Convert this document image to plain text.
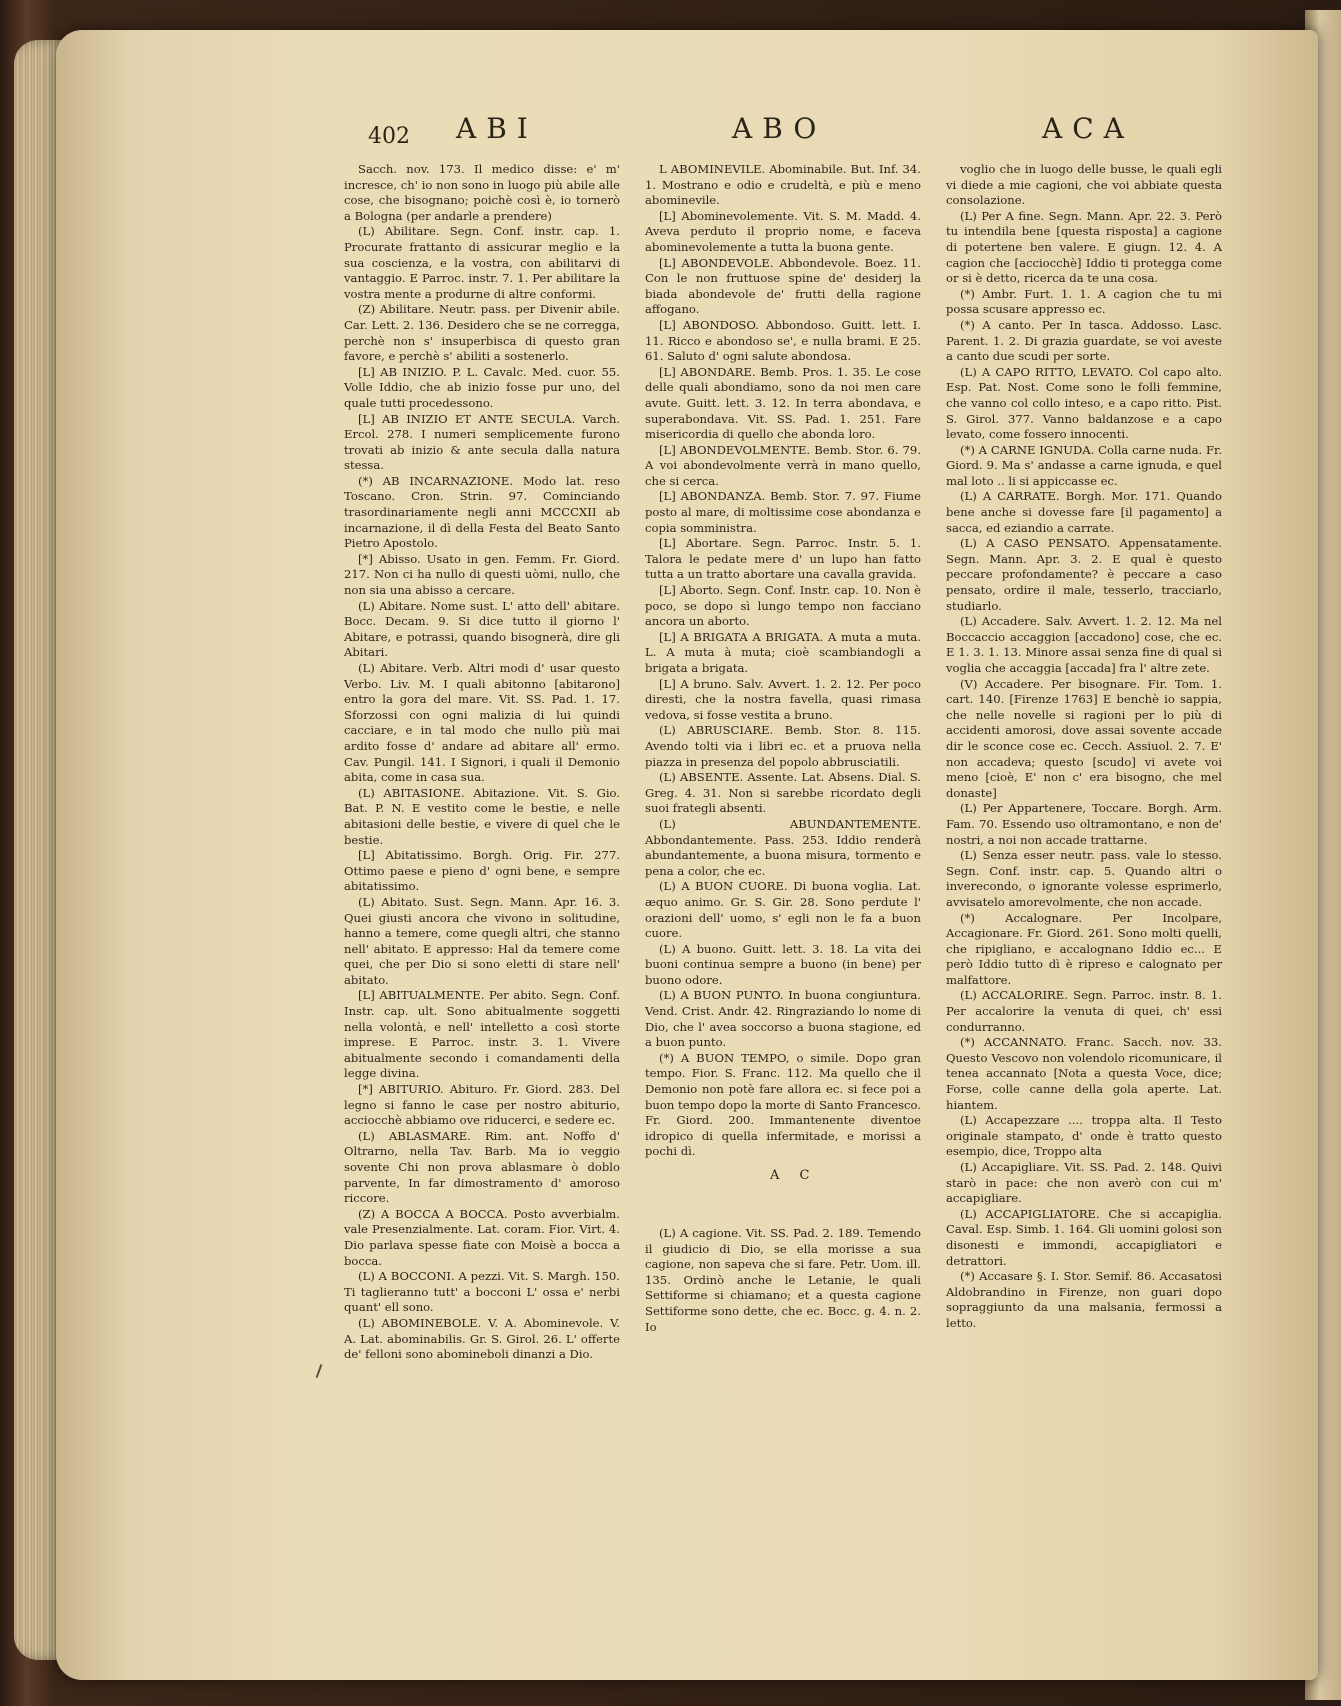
402 ABI	ABO	ACA

Sacch. nov. 173. Il medico disse: e' m' incresce, ch' io non sono in luogo più abile alle cose, che bisognano; poichè così è, io tornerò a Bologna (per andarle a prendere)

(L) Abilitare. Segn. Conf. instr. cap. 1. Procurate frattanto di assicurar meglio e la sua coscienza, e la vostra, con abilitarvi di vantaggio. E Parroc. instr. 7. 1. Per abilitare la vostra mente a produrne di altre conformi.

(Z) Abilitare. Neutr. pass. per Divenir abile. Car. Lett. 2. 136. Desidero che se ne corregga, perchè non s' insuperbisca di questo gran favore, e perchè s' abiliti a sostenerlo.

[L] AB INIZIO. P. L. Cavalc. Med. cuor. 55. Volle Iddio, che ab inizio fosse pur uno, del quale tutti procedessono.

[L] AB INIZIO ET ANTE SECULA. Varch. Ercol. 278. I numeri semplicemente furono trovati ab inizio & ante secula dalla natura stessa.

(*) AB INCARNAZIONE. Modo lat. reso Toscano. Cron. Strin. 97. Cominciando trasordinariamente negli anni MCCCXII ab incarnazione, il dì della Festa del Beato Santo Pietro Apostolo.

[*] Abisso. Usato in gen. Femm. Fr. Giord. 217. Non ci ha nullo di questi uòmi, nullo, che non sia una abisso a cercare.

(L) Abitare. Nome sust. L' atto dell' abitare. Bocc. Decam. 9. Si dice tutto il giorno l' Abitare, e potrassi, quando bisognerà, dire gli Abitari.

(L) Abitare. Verb. Altri modi d' usar questo Verbo. Liv. M. I quali abitonno [abitarono] entro la gora del mare. Vit. SS. Pad. 1. 17. Sforzossi con ogni malizia di lui quindi cacciare, e in tal modo che nullo più mai ardito fosse d' andare ad abitare all' ermo. Cav. Pungil. 141. I Signori, i quali il Demonio abita, come in casa sua.

(L) ABITASIONE. Abitazione. Vit. S. Gio. Bat. P. N. E vestito come le bestie, e nelle abitasioni delle bestie, e vivere di quel che le bestie.

[L] Abitatissimo. Borgh. Orig. Fir. 277. Ottimo paese e pieno d' ogni bene, e sempre abitatissimo.

(L) Abitato. Sust. Segn. Mann. Apr. 16. 3. Quei giusti ancora che vivono in solitudine, hanno a temere, come quegli altri, che stanno nell' abitato. E appresso: Hal da temere come quei, che per Dio si sono eletti di stare nell' abitato.

[L] ABITUALMENTE. Per abito. Segn. Conf. Instr. cap. ult. Sono abitualmente soggetti nella volontà, e nell' intelletto a così storte imprese. E Parroc. instr. 3. 1. Vivere abitualmente secondo i comandamenti della legge divina.

[*] ABITURIO. Abituro. Fr. Giord. 283. Del legno si fanno le case per nostro abiturio, acciocchè abbiamo ove riducerci, e sedere ec.

(L) ABLASMARE. Rim. ant. Noffo d' Oltrarno, nella Tav. Barb. Ma io veggio sovente Chi non prova ablasmare ò doblo parvente, In far dimostramento d' amoroso riccore.

(Z) A BOCCA A BOCCA. Posto avverbialm. vale Presenzialmente. Lat. coram. Fior. Virt. 4. Dio parlava spesse fiate con Moisè a bocca a bocca.

(L) A BOCCONI. A pezzi. Vit. S. Margh. 150. Ti taglieranno tutt' a bocconi L' ossa e' nerbi quant' ell sono.

(L) ABOMINEBOLE. V. A. Abominevole. V. A. Lat. abominabilis. Gr. S. Girol. 26. L' offerte de' felloni sono abomineboli dinanzi a Dio.

L ABOMINEVILE. Abominabile. But. Inf. 34. 1. Mostrano e odio e crudeltà, e più e meno abominevile.

[L] Abominevolemente. Vit. S. M. Madd. 4. Aveva perduto il proprio nome, e faceva abominevolemente a tutta la buona gente.

[L] ABONDEVOLE. Abbondevole. Boez. 11. Con le non fruttuose spine de' desiderj la biada abondevole de' frutti della ragione affogano.

[L] ABONDOSO. Abbondoso. Guitt. lett. I. 11. Ricco e abondoso se', e nulla brami. E 25. 61. Saluto d' ogni salute abondosa.

[L] ABONDARE. Bemb. Pros. 1. 35. Le cose delle quali abondiamo, sono da noi men care avute. Guitt. lett. 3. 12. In terra abondava, e superabondava. Vit. SS. Pad. 1. 251. Fare misericordia di quello che abonda loro.

[L] ABONDEVOLMENTE. Bemb. Stor. 6. 79. A voi abondevolmente verrà in mano quello, che si cerca.

[L] ABONDANZA. Bemb. Stor. 7. 97. Fiume posto al mare, di moltissime cose abondanza e copia somministra.

[L] Abortare. Segn. Parroc. Instr. 5. 1. Talora le pedate mere d' un lupo han fatto tutta a un tratto abortare una cavalla gravida.

[L] Aborto. Segn. Conf. Instr. cap. 10. Non è poco, se dopo sì lungo tempo non facciano ancora un aborto.

[L] A BRIGATA A BRIGATA. A muta a muta. L. A muta à muta; cioè scambiandogli a brigata a brigata.

[L] A bruno. Salv. Avvert. 1. 2. 12. Per poco diresti, che la nostra favella, quasi rimasa vedova, si fosse vestita a bruno.

(L) ABRUSCIARE. Bemb. Stor. 8. 115. Avendo tolti via i libri ec. et a pruova nella piazza in presenza del popolo abbrusciatili.

(L) ABSENTE. Assente. Lat. Absens. Dial. S. Greg. 4. 31. Non si sarebbe ricordato degli suoi frategli absenti.

(L) ABUNDANTEMENTE. Abbondantemente. Pass. 253. Iddio renderà abundantemente, a buona misura, tormento e pena a color, che ec.

(L) A BUON CUORE. Di buona voglia. Lat. æquo animo. Gr. S. Gir. 28. Sono perdute l' orazioni dell' uomo, s' egli non le fa a buon cuore.

(L) A buono. Guitt. lett. 3. 18. La vita dei buoni continua sempre a buono (in bene) per buono odore.

(L) A BUON PUNTO. In buona congiuntura. Vend. Crist. Andr. 42. Ringraziando lo nome di Dio, che l' avea soccorso a buona stagione, ed a buon punto.

(*) A BUON TEMPO, o simile. Dopo gran tempo. Fior. S. Franc. 112. Ma quello che il Demonio non potè fare allora ec. si fece poi a buon tempo dopo la morte di Santo Francesco. Fr. Giord. 200. Immantenente diventoe idropico di quella infermitade, e morissi a pochi dì.

A C

(L) A cagione. Vit. SS. Pad. 2. 189. Temendo il giudicio di Dio, se ella morisse a sua cagione, non sapeva che si fare. Petr. Uom. ill. 135. Ordinò anche le Letanie, le quali Settiforme si chiamano; et a questa cagione Settiforme sono dette, che ec. Bocc. g. 4. n. 2. Io

voglio che in luogo delle busse, le quali egli vi diede a mie cagioni, che voi abbiate questa consolazione.

(L) Per A fine. Segn. Mann. Apr. 22. 3. Però tu intendila bene [questa risposta] a cagione di potertene ben valere. E giugn. 12. 4. A cagion che [acciocchè] Iddio ti protegga come or si è detto, ricerca da te una cosa.

(*) Ambr. Furt. 1. 1. A cagion che tu mi possa scusare appresso ec.

(*) A canto. Per In tasca. Addosso. Lasc. Parent. 1. 2. Di grazia guardate, se voi aveste a canto due scudi per sorte.

(L) A CAPO RITTO, LEVATO. Col capo alto. Esp. Pat. Nost. Come sono le folli femmine, che vanno col collo inteso, e a capo ritto. Pist. S. Girol. 377. Vanno baldanzose e a capo levato, come fossero innocenti.

(*) A CARNE IGNUDA. Colla carne nuda. Fr. Giord. 9. Ma s' andasse a carne ignuda, e quel mal loto .. li si appiccasse ec.

(L) A CARRATE. Borgh. Mor. 171. Quando bene anche si dovesse fare [il pagamento] a sacca, ed eziandio a carrate.

(L) A CASO PENSATO. Appensatamente. Segn. Mann. Apr. 3. 2. E qual è questo peccare profondamente? è peccare a caso pensato, ordire il male, tesserlo, tracciarlo, studiarlo.

(L) Accadere. Salv. Avvert. 1. 2. 12. Ma nel Boccaccio accaggion [accadono] cose, che ec. E 1. 3. 1. 13. Minore assai senza fine di qual si voglia che accaggia [accada] fra l' altre zete.

(V) Accadere. Per bisognare. Fir. Tom. 1. cart. 140. [Firenze 1763] E benchè io sappia, che nelle novelle si ragioni per lo più di accidenti amorosi, dove assai sovente accade dir le sconce cose ec. Cecch. Assiuol. 2. 7. E' non accadeva; questo [scudo] vi avete voi meno [cioè, E' non c' era bisogno, che mel donaste]

(L) Per Appartenere, Toccare. Borgh. Arm. Fam. 70. Essendo uso oltramontano, e non de' nostri, a noi non accade trattarne.

(L) Senza esser neutr. pass. vale lo stesso. Segn. Conf. instr. cap. 5. Quando altri o inverecondo, o ignorante volesse esprimerlo, avvisatelo amorevolmente, che non accade.

(*) Accalognare. Per Incolpare, Accagionare. Fr. Giord. 261. Sono molti quelli, che ripigliano, e accalognano Iddio ec... E però Iddio tutto dì è ripreso e calognato per malfattore.

(L) ACCALORIRE. Segn. Parroc. instr. 8. 1. Per accalorire la venuta di quei, ch' essi condurranno.

(*) ACCANNATO. Franc. Sacch. nov. 33. Questo Vescovo non volendolo ricomunicare, il tenea accannato [Nota a questa Voce, dice; Forse, colle canne della gola aperte. Lat. hiantem.

(L) Accapezzare .... troppa alta. Il Testo originale stampato, d' onde è tratto questo esempio, dice, Troppo alta

(L) Accapigliare. Vit. SS. Pad. 2. 148. Quivi starò in pace: che non averò con cui m' accapigliare.

(L) ACCAPIGLIATORE. Che si accapiglia. Caval. Esp. Simb. 1. 164. Gli uomini golosi son disonesti e immondi, accapigliatori e detrattori.

(*) Accasare §. I. Stor. Semif. 86. Accasatosi Aldobrandino in Firenze, non guari dopo sopraggiunto da una malsania, fermossi a letto.
